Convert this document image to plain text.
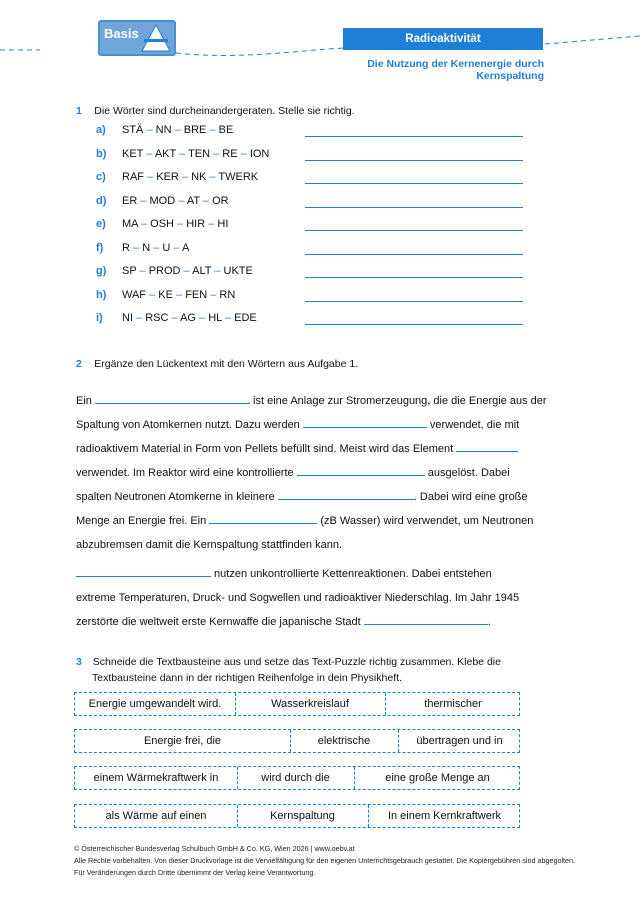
Basis	Radioaktivität
Die Nutzung der Kernenergie durch Kernspaltung
1 Die Wörter sind durcheinandergeraten. Stelle sie richtig.
a) STÄ – NN – BRE – BE
b) KET – AKT – TEN – RE – ION
c) RAF – KER – NK – TWERK
d) ER – MOD – AT – OR
e) MA – OSH – HIR – HI
f) R – N – U – A
g) SP – PROD – ALT – UKTE
h) WAF – KE – FEN – RN
i) NI – RSC – AG – HL – EDE
2 Ergänze den Lückentext mit den Wörtern aus Aufgabe 1.
Ein	ist eine Anlage zur Stromerzeugung, die die Energie aus der
Spaltung von Atomkernen nutzt. Dazu werden	verwendet, die mit
radioaktivem Material in Form von Pellets befüllt sind. Meist wird das Element
verwendet. Im Reaktor wird eine kontrollierte	ausgelöst. Dabei
spalten Neutronen Atomkerne in kleinere	. Dabei wird eine große
Menge an Energie frei. Ein	(zB Wasser) wird verwendet, um Neutronen
abzubremsen damit die Kernspaltung stattfinden kann.
nutzen unkontrollierte Kettenreaktionen. Dabei entstehen
extreme Temperaturen, Druck- und Sogwellen und radioaktiver Niederschlag. Im Jahr 1945
zerstörte die weltweit erste Kernwaffe die japanische Stadt	.
3 Schneide die Textbausteine aus und setze das Text-Puzzle richtig zusammen. Klebe die
Textbausteine dann in der richtigen Reihenfolge in dein Physikheft.
Energie umgewandelt wird.	Wasserkreislauf	thermischer
Energie frei, die	elektrische	übertragen und in
einem Wärmekraftwerk in	wird durch die	eine große Menge an
als Wärme auf einen	Kernspaltung	In einem Kernkraftwerk
© Österreichischer Bundesverlag Schulbuch GmbH & Co. KG, Wien 2026 | www.oebv.at
Alle Rechte vorbehalten. Von dieser Druckvorlage ist die Vervielfältigung für den eigenen Unterrichtsgebrauch gestattet. Die Kopiergebühren sind abgegolten.
Für Veränderungen durch Dritte übernimmt der Verlag keine Verantwortung.
